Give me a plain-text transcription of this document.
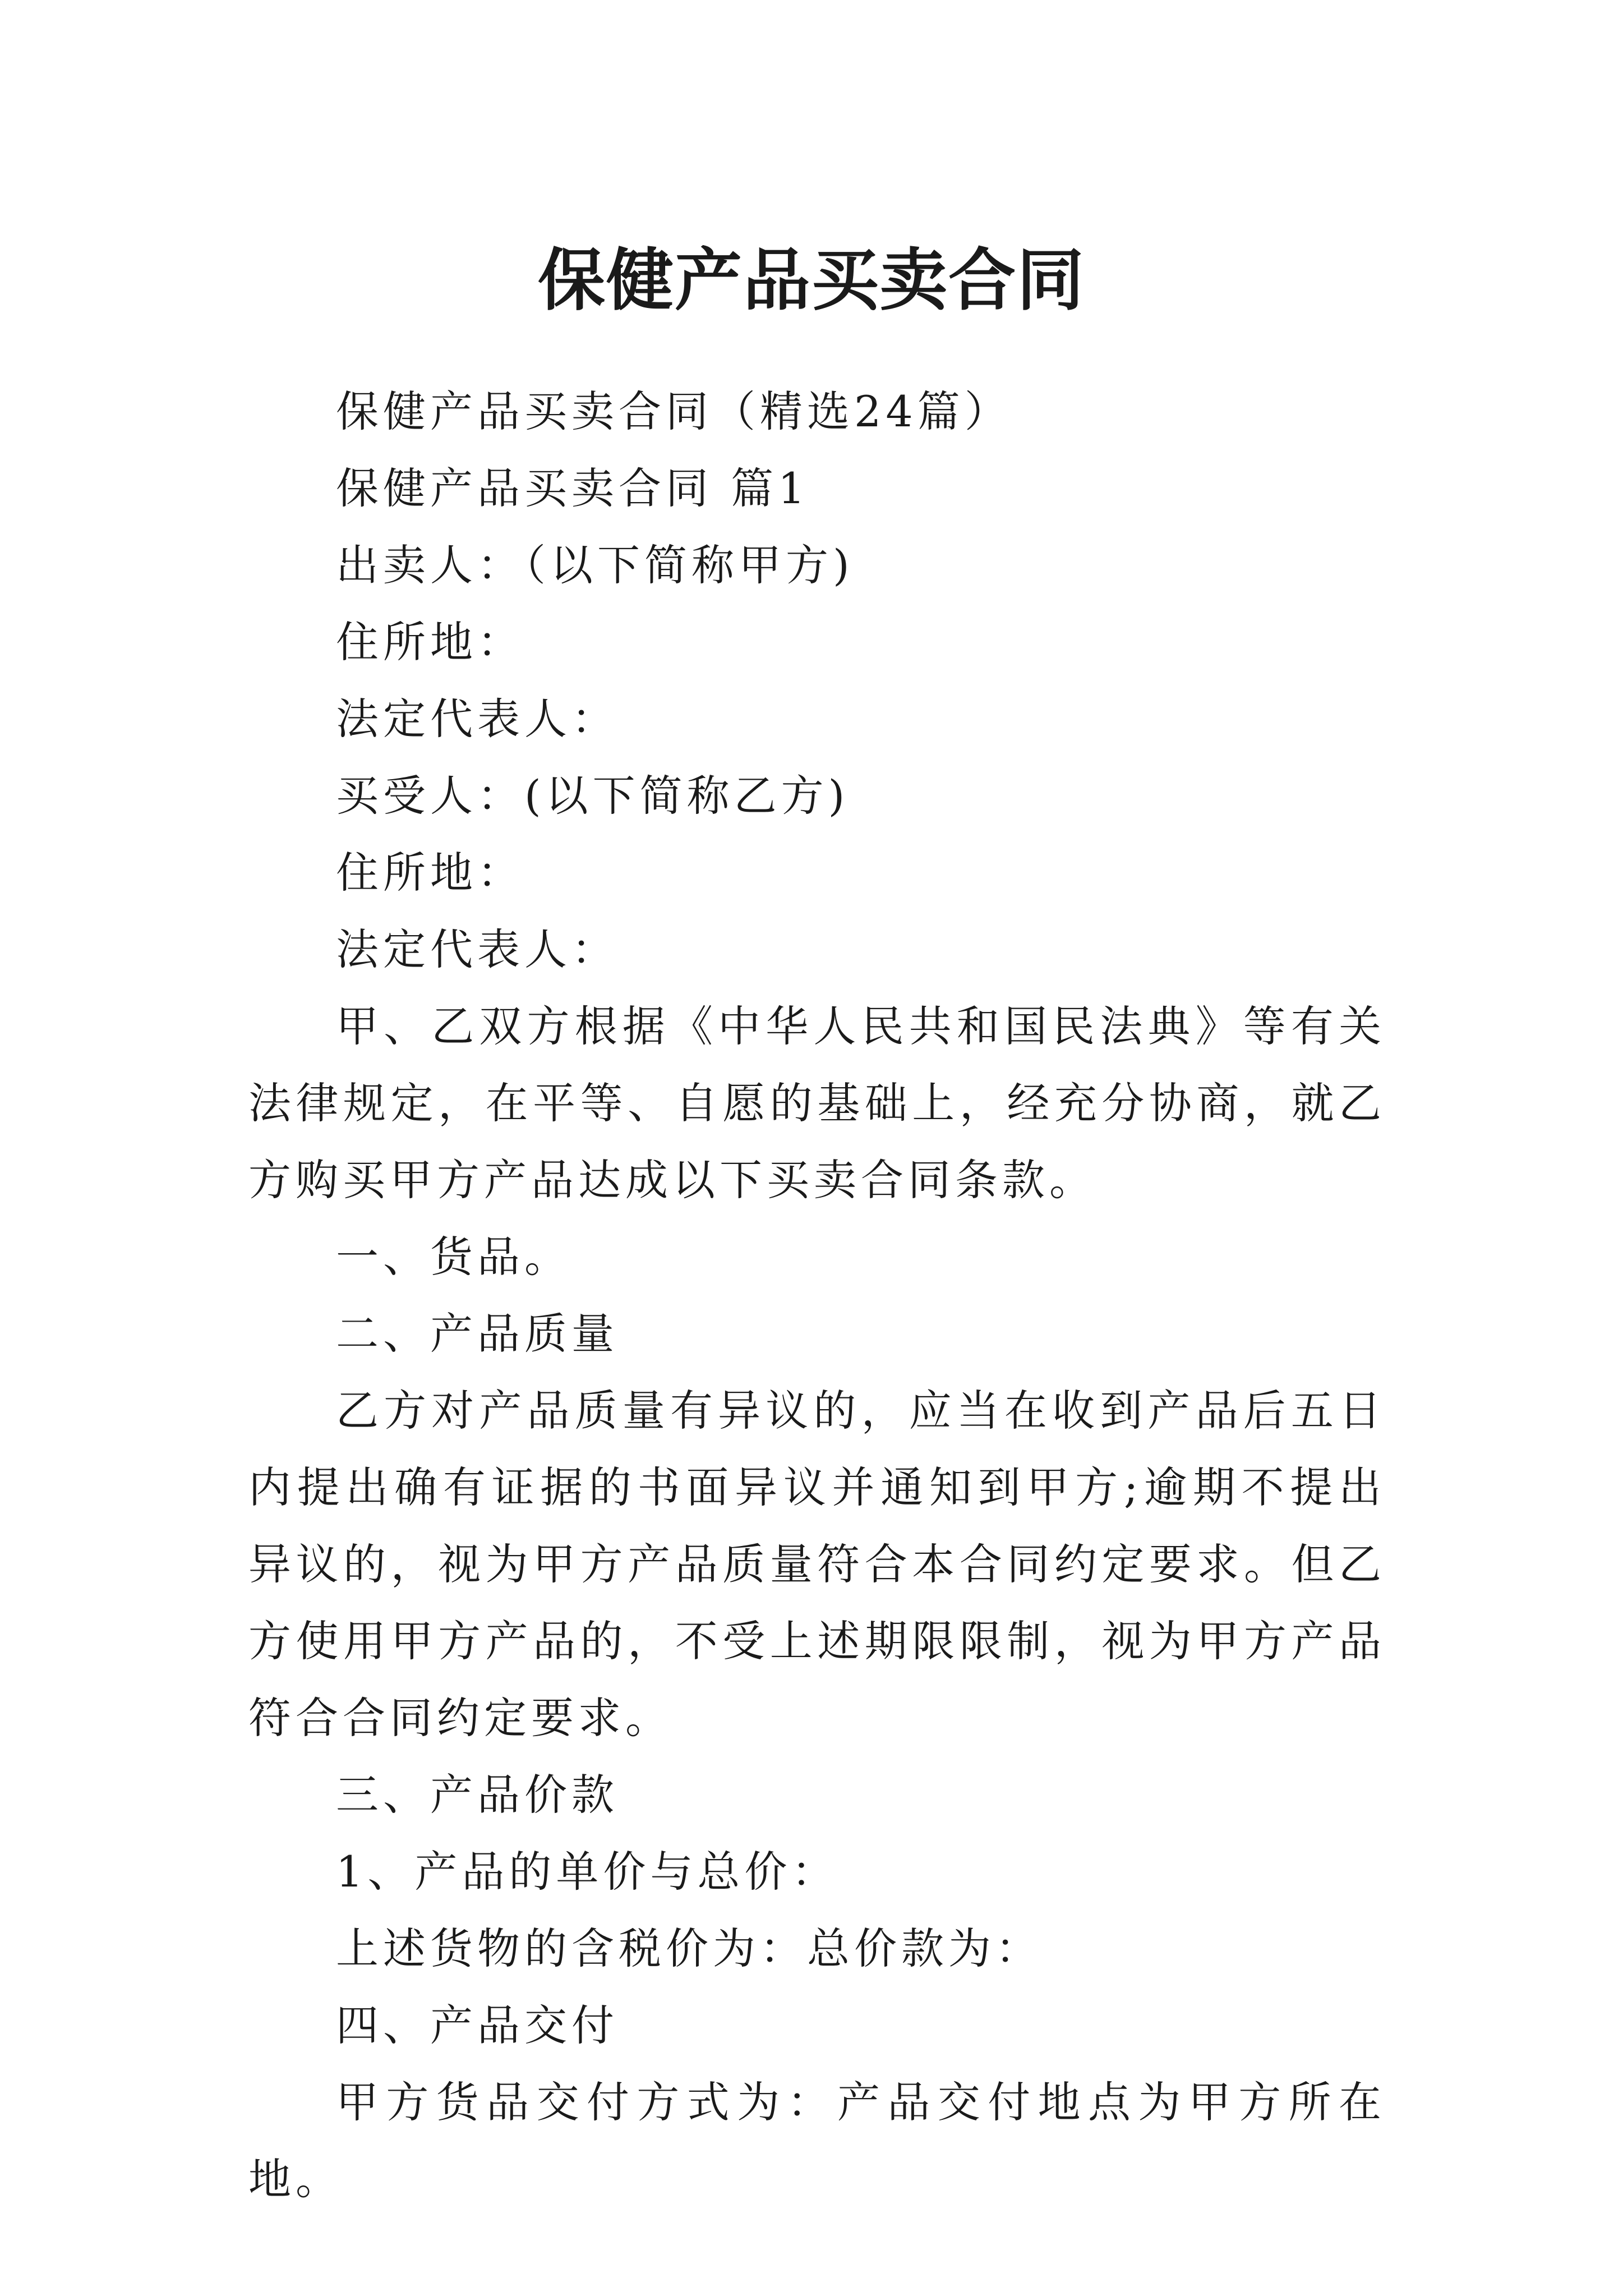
保健产品买卖合同

保健产品买卖合同（精选24篇）

保健产品买卖合同 篇1

出卖人：（以下简称甲方)

住所地：

法定代表人：

买受人：(以下简称乙方)

住所地：

法定代表人：

甲、乙双方根据《中华人民共和国民法典》等有关法律规定，在平等、自愿的基础上，经充分协商，就乙方购买甲方产品达成以下买卖合同条款。

一、货品。

二、产品质量

乙方对产品质量有异议的，应当在收到产品后五日内提出确有证据的书面异议并通知到甲方;逾期不提出异议的，视为甲方产品质量符合本合同约定要求。但乙方使用甲方产品的，不受上述期限限制，视为甲方产品符合合同约定要求。

三、产品价款

1、产品的单价与总价：

上述货物的含税价为：总价款为：

四、产品交付

甲方货品交付方式为：产品交付地点为甲方所在地。
